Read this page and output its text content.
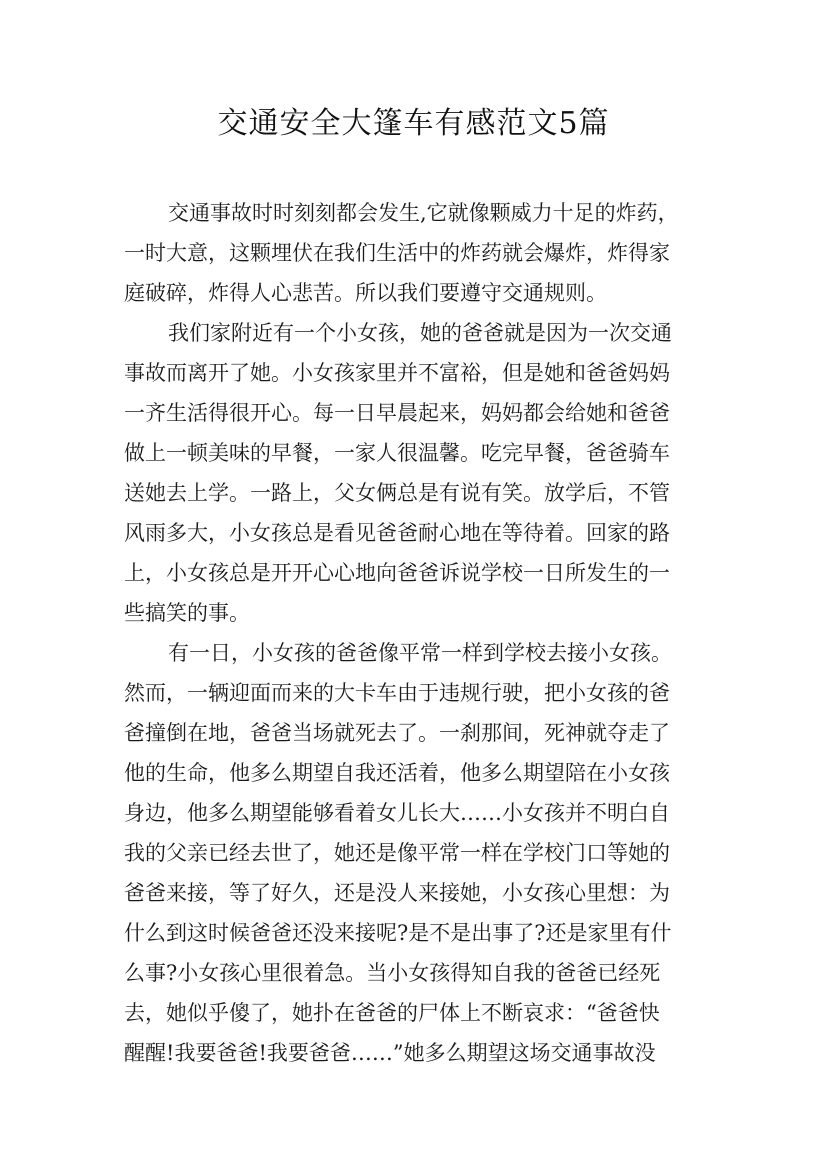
交通安全大篷车有感范文5篇
交通事故时时刻刻都会发生,它就像颗威力十足的炸药，
一时大意，这颗埋伏在我们生活中的炸药就会爆炸，炸得家
庭破碎，炸得人心悲苦。所以我们要遵守交通规则。
我们家附近有一个小女孩，她的爸爸就是因为一次交通
事故而离开了她。小女孩家里并不富裕，但是她和爸爸妈妈
一齐生活得很开心。每一日早晨起来，妈妈都会给她和爸爸
做上一顿美味的早餐，一家人很温馨。吃完早餐，爸爸骑车
送她去上学。一路上，父女俩总是有说有笑。放学后，不管
风雨多大，小女孩总是看见爸爸耐心地在等待着。回家的路
上，小女孩总是开开心心地向爸爸诉说学校一日所发生的一
些搞笑的事。
有一日，小女孩的爸爸像平常一样到学校去接小女孩。
然而，一辆迎面而来的大卡车由于违规行驶，把小女孩的爸
爸撞倒在地，爸爸当场就死去了。一刹那间，死神就夺走了
他的生命，他多么期望自我还活着，他多么期望陪在小女孩
身边，他多么期望能够看着女儿长大……小女孩并不明白自
我的父亲已经去世了，她还是像平常一样在学校门口等她的
爸爸来接，等了好久，还是没人来接她，小女孩心里想：为
什么到这时候爸爸还没来接呢?是不是出事了?还是家里有什
么事?小女孩心里很着急。当小女孩得知自我的爸爸已经死
去，她似乎傻了，她扑在爸爸的尸体上不断哀求：“爸爸快
醒醒!我要爸爸!我要爸爸……”她多么期望这场交通事故没
